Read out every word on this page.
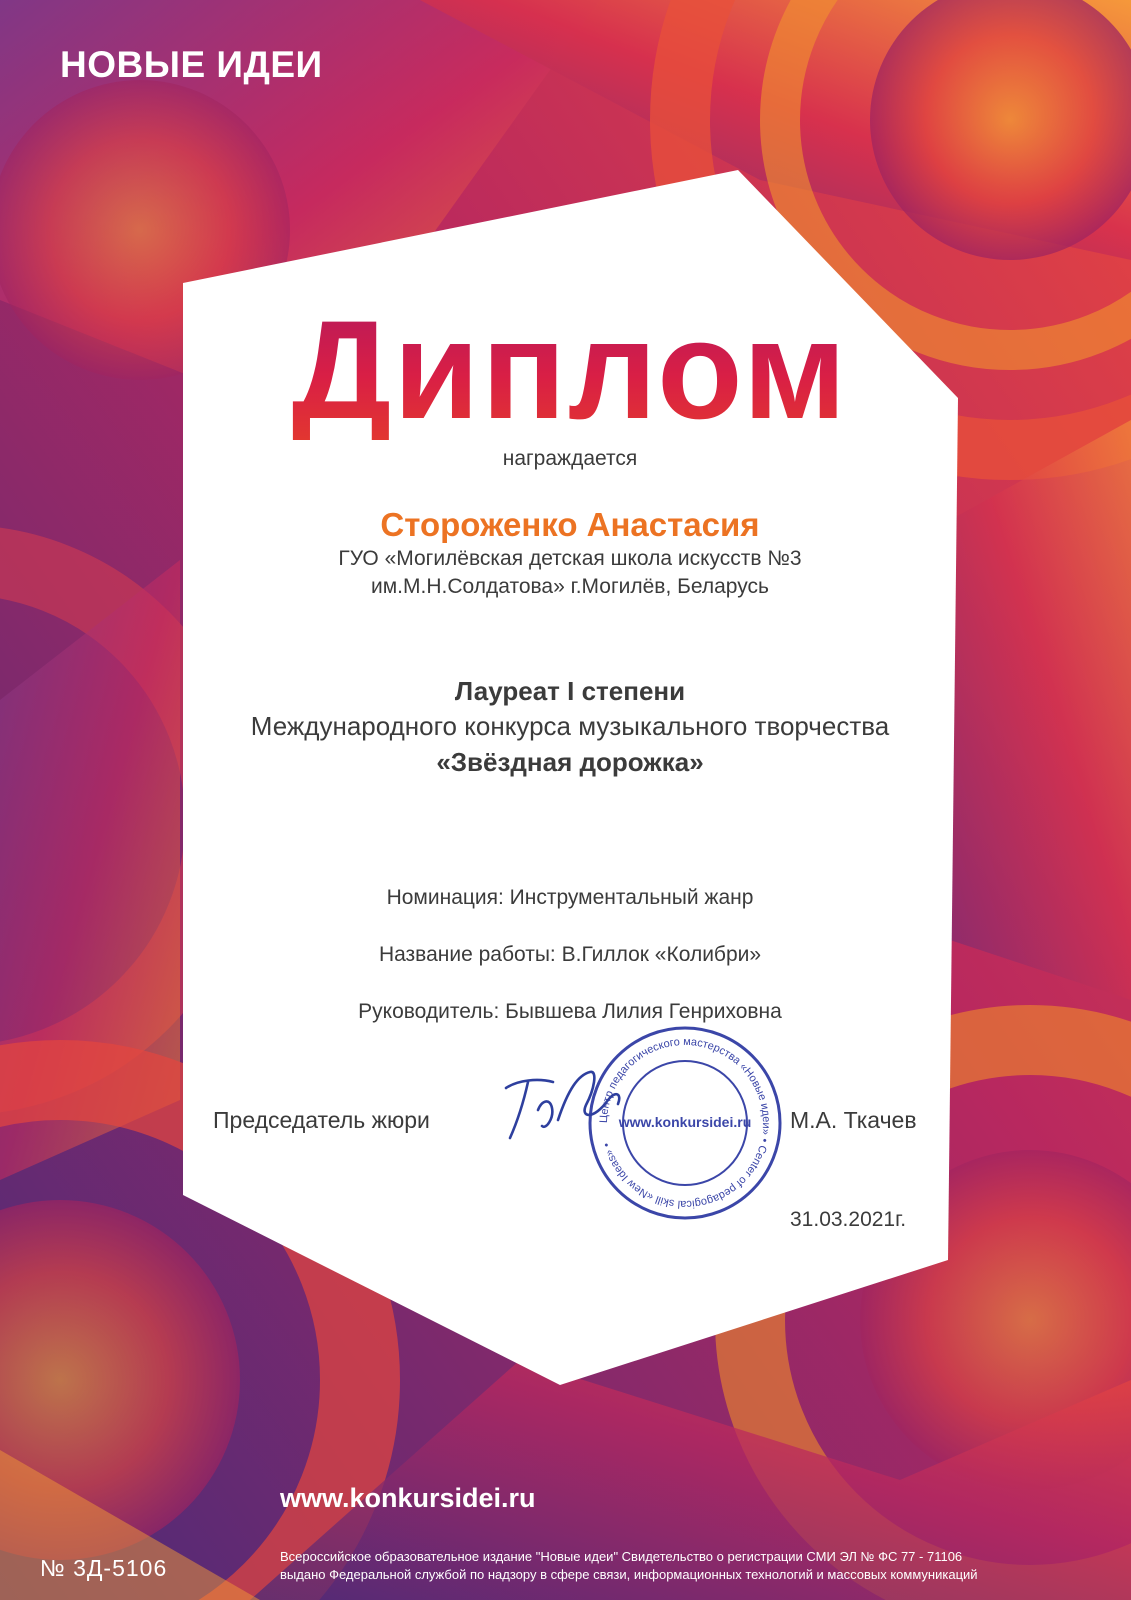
НОВЫЕ ИДЕИ
Диплом
награждается
Стороженко Анастасия
ГУО «Могилёвская детская школа искусств №3
им.М.Н.Солдатова» г.Могилёв, Беларусь
Лауреат I степени
Международного конкурса музыкального творчества
«Звёздная дорожка»
Номинация: Инструментальный жанр
Название работы: В.Гиллок «Колибри»
Руководитель: Бывшева Лилия Генриховна
Председатель жюри	М.А. Ткачев
Центр педагогического мастерства «Новые идеи» • Center of pedagogical skill «New Ideas» •
www.konkursidei.ru
31.03.2021г.
www.konkursidei.ru
№ 3Д-5106	Всероссийское образовательное издание "Новые идеи" Свидетельство о регистрации СМИ ЭЛ № ФС 77 - 71106
выдано Федеральной службой по надзору в сфере связи, информационных технологий и массовых коммуникаций
